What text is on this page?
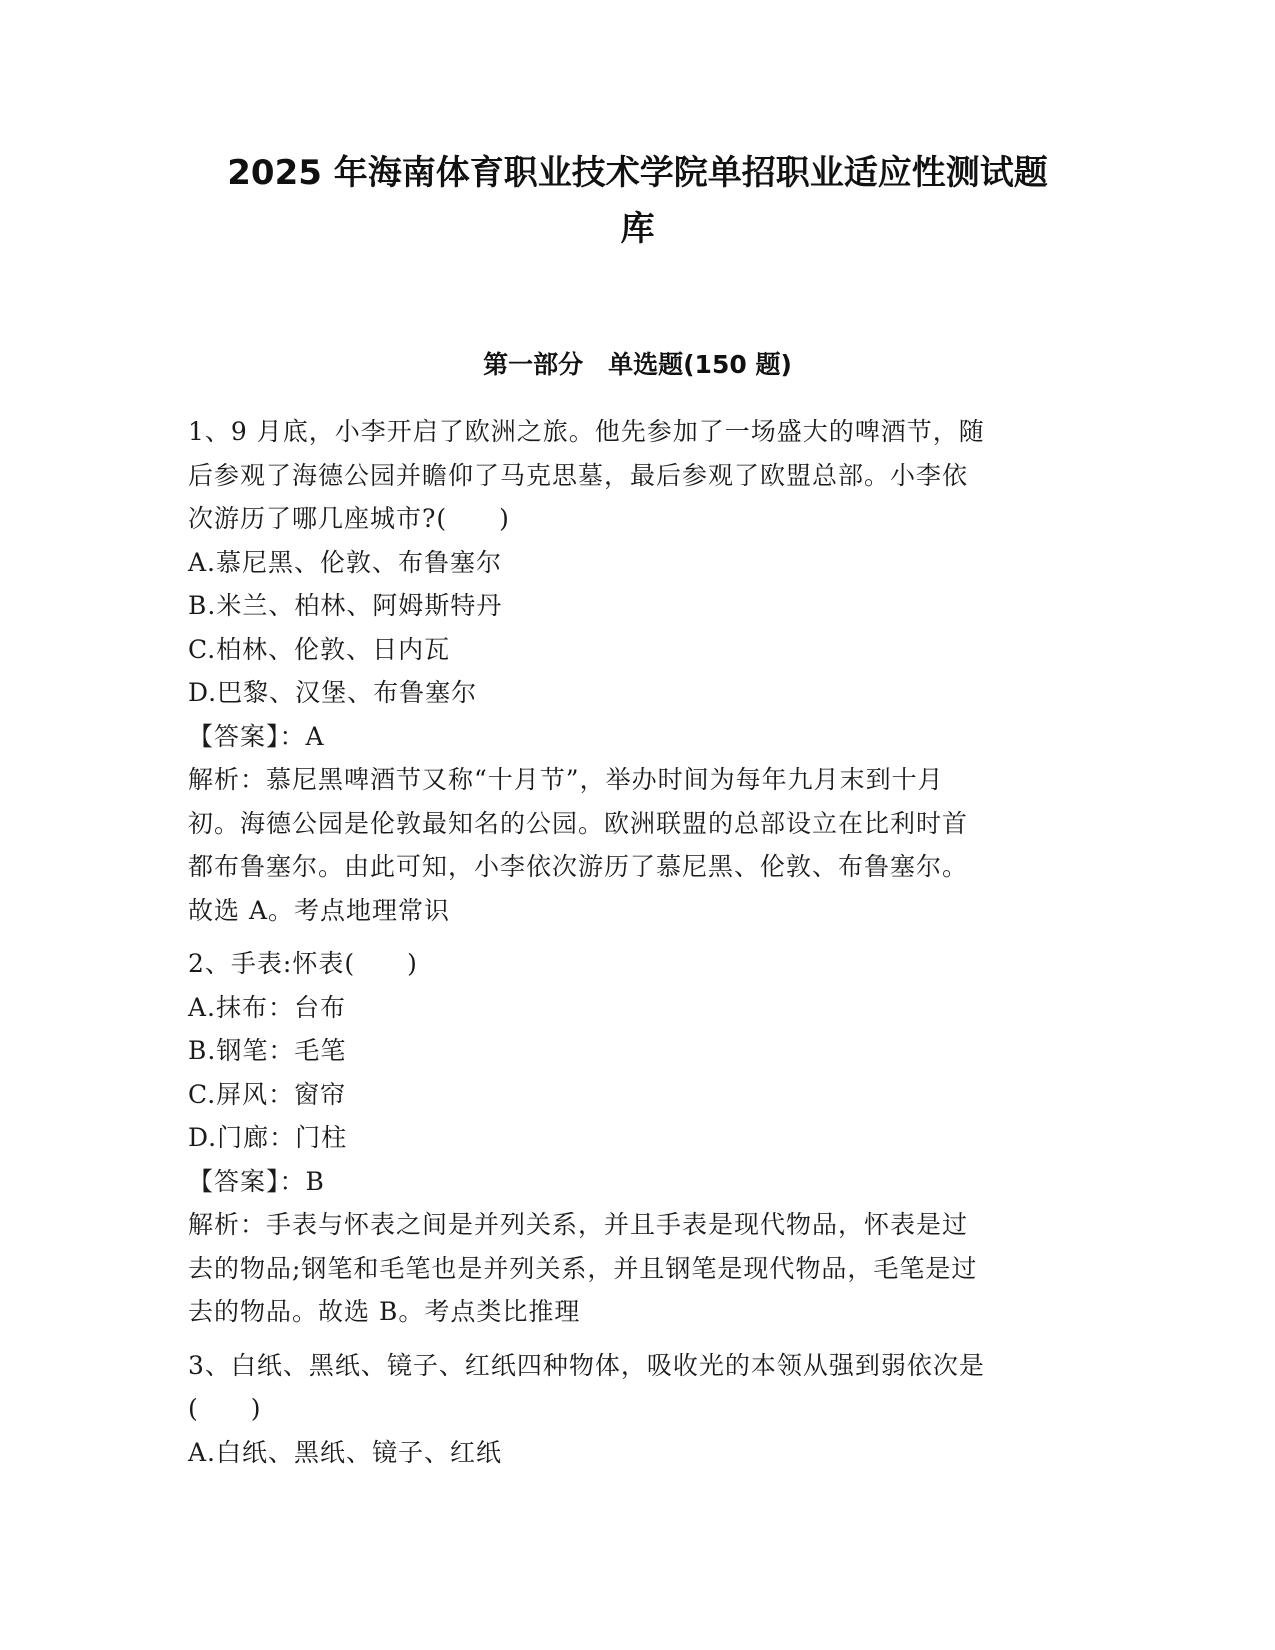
2025 年海南体育职业技术学院单招职业适应性测试题
库
第一部分　单选题(150 题)
1、9 月底，小李开启了欧洲之旅。他先参加了一场盛大的啤酒节，随
后参观了海德公园并瞻仰了马克思墓，最后参观了欧盟总部。小李依
次游历了哪几座城市?(　　)
A.慕尼黑、伦敦、布鲁塞尔
B.米兰、柏林、阿姆斯特丹
C.柏林、伦敦、日内瓦
D.巴黎、汉堡、布鲁塞尔
【答案】：A
解析：慕尼黑啤酒节又称“十月节”，举办时间为每年九月末到十月
初。海德公园是伦敦最知名的公园。欧洲联盟的总部设立在比利时首
都布鲁塞尔。由此可知，小李依次游历了慕尼黑、伦敦、布鲁塞尔。
故选 A。考点地理常识
2、手表:怀表(　　)
A.抹布：台布
B.钢笔：毛笔
C.屏风：窗帘
D.门廊：门柱
【答案】：B
解析：手表与怀表之间是并列关系，并且手表是现代物品，怀表是过
去的物品;钢笔和毛笔也是并列关系，并且钢笔是现代物品，毛笔是过
去的物品。故选 B。考点类比推理
3、白纸、黑纸、镜子、红纸四种物体，吸收光的本领从强到弱依次是
(　　)
A.白纸、黑纸、镜子、红纸
